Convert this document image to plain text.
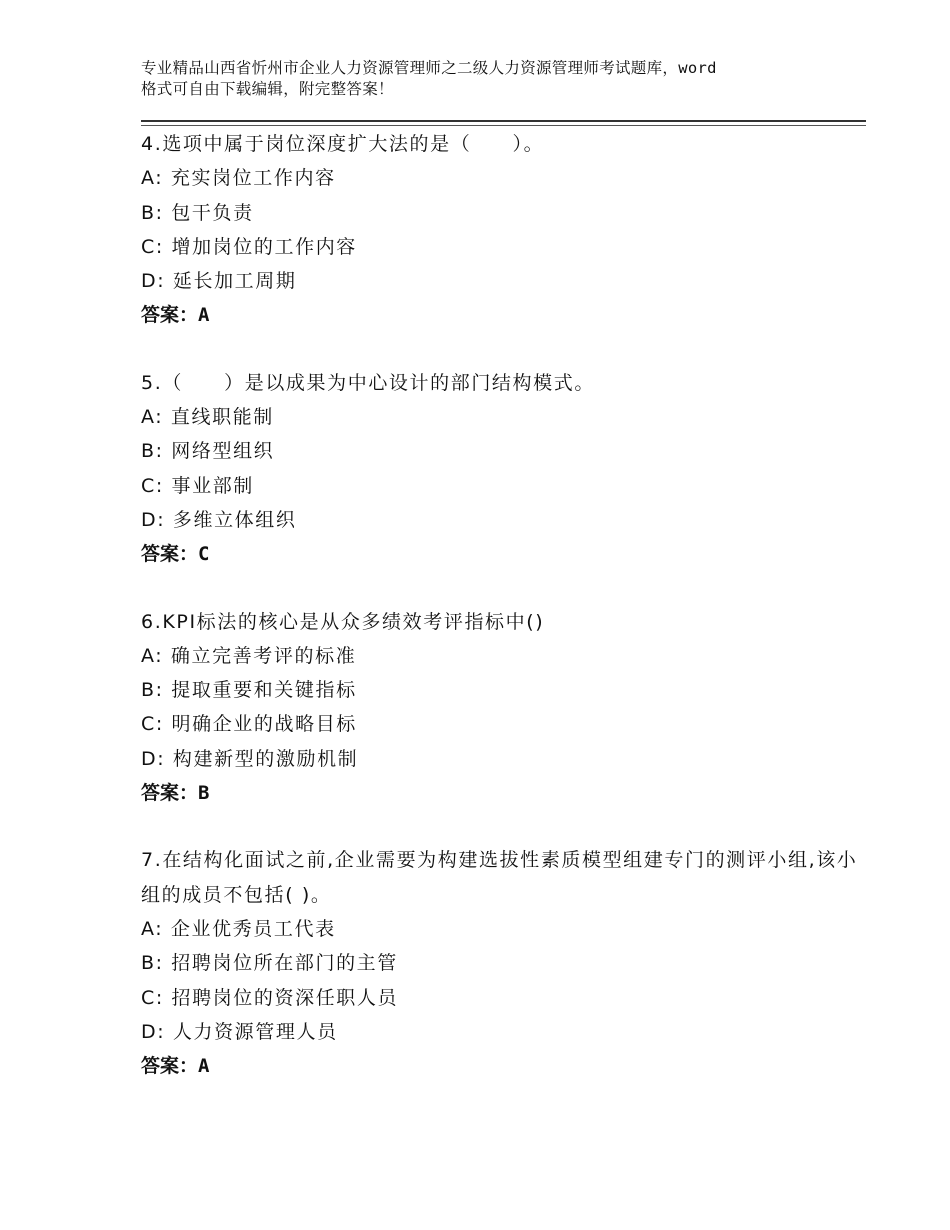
专业精品山西省忻州市企业人力资源管理师之二级人力资源管理师考试题库，word
格式可自由下载编辑，附完整答案！
4.选项中属于岗位深度扩大法的是（　　）。
A: 充实岗位工作内容
B: 包干负责
C: 增加岗位的工作内容
D: 延长加工周期
答案：A
5.（　　）是以成果为中心设计的部门结构模式。
A: 直线职能制
B: 网络型组织
C: 事业部制
D: 多维立体组织
答案：C
6.KPI标法的核心是从众多绩效考评指标中()
A: 确立完善考评的标准
B: 提取重要和关键指标
C: 明确企业的战略目标
D: 构建新型的激励机制
答案：B
7.在结构化面试之前,企业需要为构建选拔性素质模型组建专门的测评小组,该小组的成员不包括( )。
A: 企业优秀员工代表
B: 招聘岗位所在部门的主管
C: 招聘岗位的资深任职人员
D: 人力资源管理人员
答案：A
